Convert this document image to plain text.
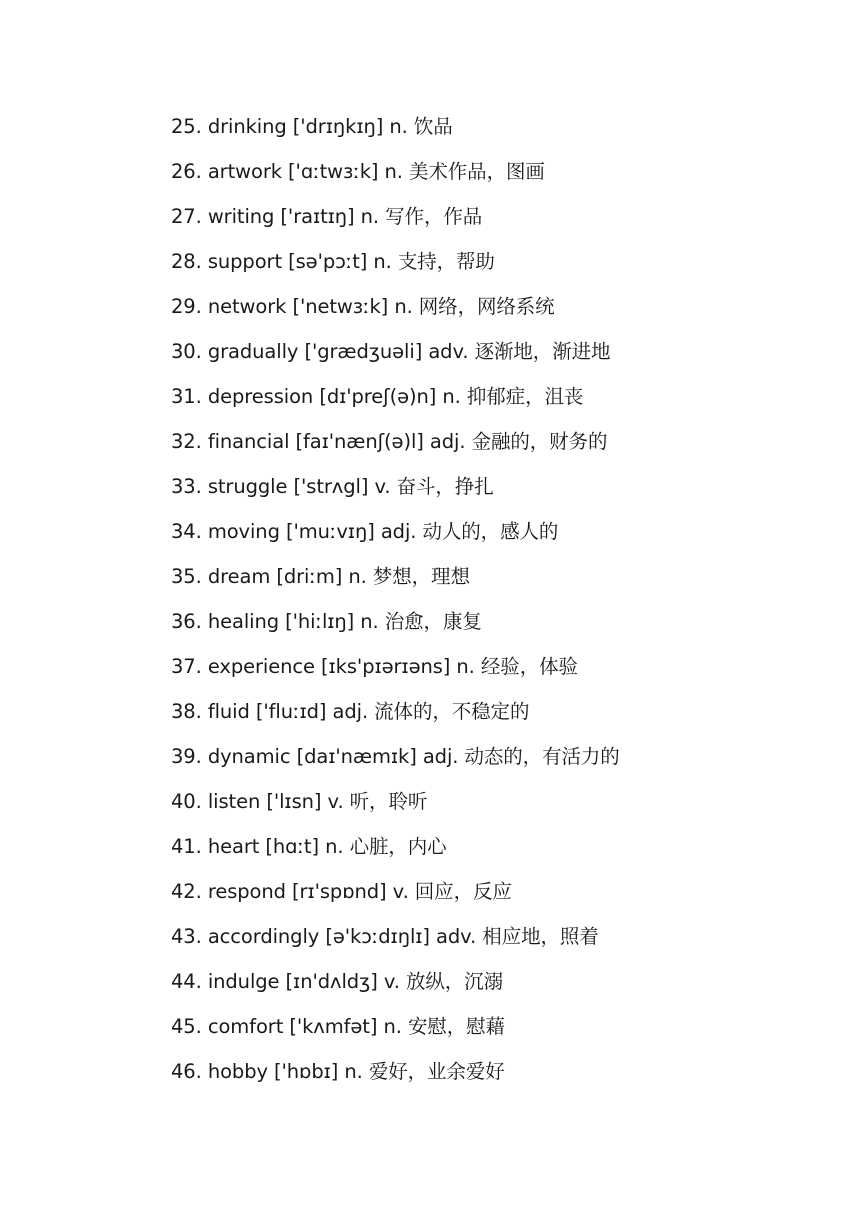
25. drinking ['drɪŋkɪŋ] n. 饮品
26. artwork ['ɑːtwɜːk] n. 美术作品，图画
27. writing ['raɪtɪŋ] n. 写作，作品
28. support [sə'pɔːt] n. 支持，帮助
29. network ['netwɜːk] n. 网络，网络系统
30. gradually ['grædʒuəli] adv. 逐渐地，渐进地
31. depression [dɪ'preʃ(ə)n] n. 抑郁症，沮丧
32. financial [faɪ'nænʃ(ə)l] adj. 金融的，财务的
33. struggle ['strʌgl] v. 奋斗，挣扎
34. moving ['muːvɪŋ] adj. 动人的，感人的
35. dream [driːm] n. 梦想，理想
36. healing ['hiːlɪŋ] n. 治愈，康复
37. experience [ɪks'pɪərɪəns] n. 经验，体验
38. fluid ['fluːɪd] adj. 流体的，不稳定的
39. dynamic [daɪ'næmɪk] adj. 动态的，有活力的
40. listen ['lɪsn] v. 听，聆听
41. heart [hɑːt] n. 心脏，内心
42. respond [rɪ'spɒnd] v. 回应，反应
43. accordingly [ə'kɔːdɪŋlɪ] adv. 相应地，照着
44. indulge [ɪn'dʌldʒ] v. 放纵，沉溺
45. comfort ['kʌmfət] n. 安慰，慰藉
46. hobby ['hɒbɪ] n. 爱好，业余爱好
